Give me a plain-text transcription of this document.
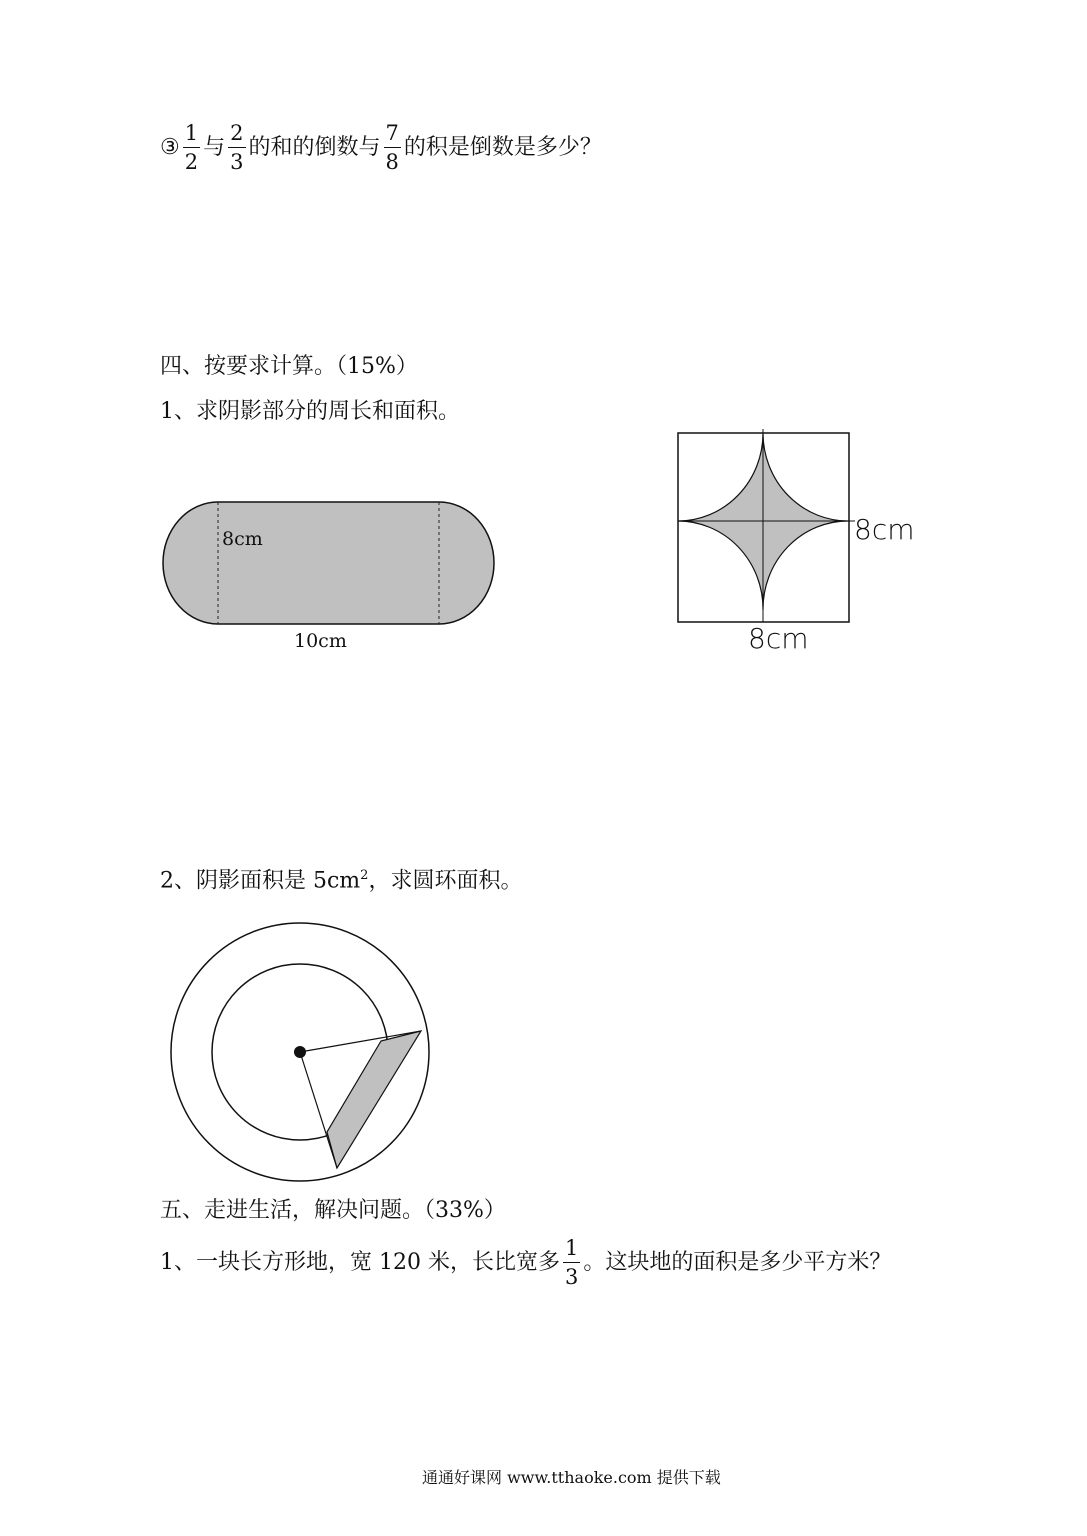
③ $\frac{1}{2}$ 与 $\frac{2}{3}$ 的和的倒数与 $\frac{7}{8}$ 的积是倒数是多少？
四、按要求计算。（15%）
1、求阴影部分的周长和面积。
8cm
10cm
8cm
8cm
2、阴影面积是 $5cm^2$，求圆环面积。
五、走进生活，解决问题。（33%）
1、一块长方形地，宽 120 米，长比宽多 $\frac{1}{3}$ 。这块地的面积是多少平方米？
通通好课网 www.tthaoke.com 提供下载
